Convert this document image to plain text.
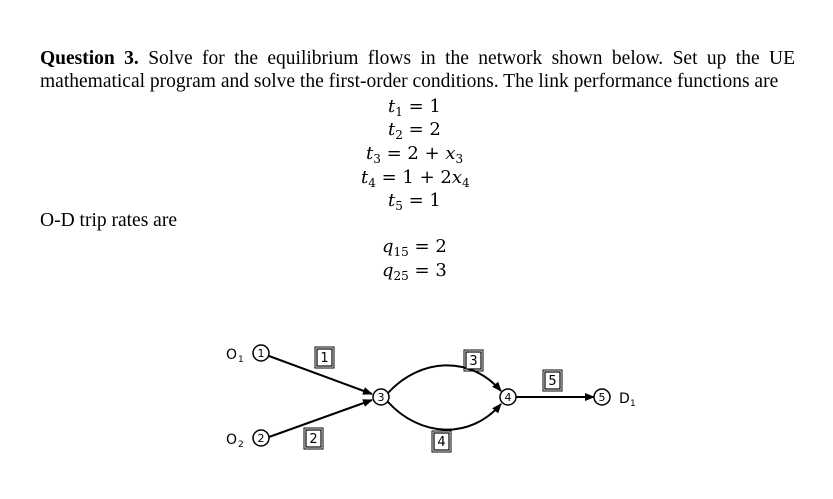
Question 3. Solve for the equilibrium flows in the network shown below. Set up the UE mathematical program and solve the first-order conditions. The link performance functions are
$t_1 = 1$
$t_2 = 2$
$t_3 = 2 + x_3$
$t_4 = 1 + 2x_4$
$t_5 = 1$
O-D trip rates are
$q_{15} = 2$
$q_{25} = 3$
1
2
3	4	5
O 1
O 2
D 1
1
2
3
4
5
